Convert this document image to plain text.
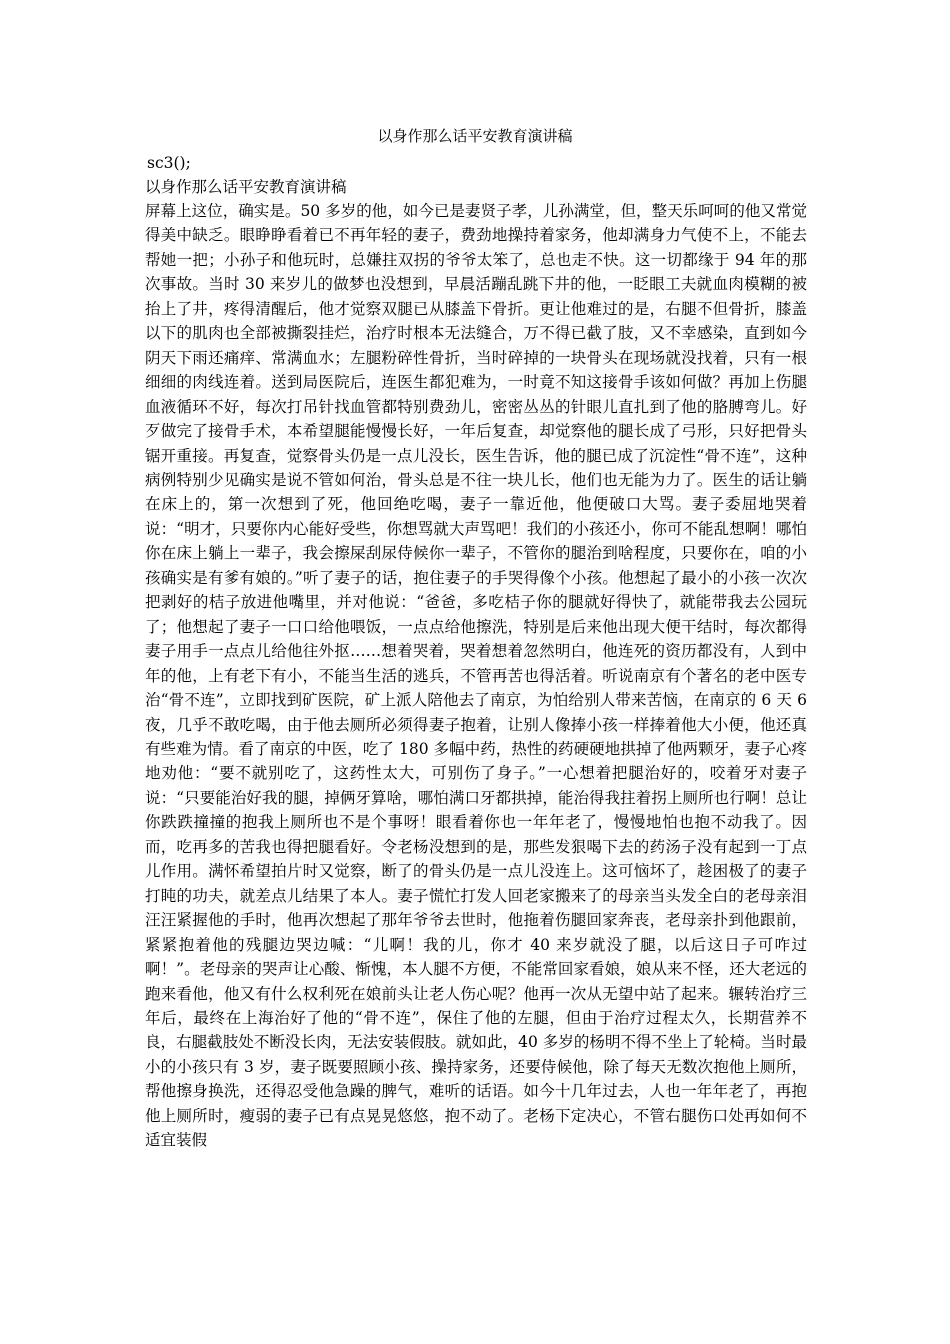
以身作那么话平安教育演讲稿
sc3();
以身作那么话平安教育演讲稿

屏幕上这位，确实是。50 多岁的他，如今已是妻贤子孝，儿孙满堂，但，整天乐呵呵的他又常觉得美中缺乏。眼睁睁看着已不再年轻的妻子，费劲地操持着家务，他却满身力气使不上，不能去帮她一把；小孙子和他玩时，总嫌拄双拐的爷爷太笨了，总也走不快。这一切都缘于 94 年的那次事故。当时 30 来岁儿的做梦也没想到，早晨活蹦乱跳下井的他，一眨眼工夫就血肉模糊的被抬上了井，疼得清醒后，他才觉察双腿已从膝盖下骨折。更让他难过的是，右腿不但骨折，膝盖以下的肌肉也全部被撕裂挂烂，治疗时根本无法缝合，万不得已截了肢，又不幸感染，直到如今阴天下雨还痛痒、常满血水；左腿粉碎性骨折，当时碎掉的一块骨头在现场就没找着，只有一根细细的肉线连着。送到局医院后，连医生都犯难为，一时竟不知这接骨手该如何做？再加上伤腿血液循环不好，每次打吊针找血管都特别费劲儿，密密丛丛的针眼儿直扎到了他的胳膊弯儿。好歹做完了接骨手术，本希望腿能慢慢长好，一年后复查，却觉察他的腿长成了弓形，只好把骨头锯开重接。再复查，觉察骨头仍是一点儿没长，医生告诉，他的腿已成了沉淀性“骨不连”，这种病例特别少见确实是说不管如何治，骨头总是不往一块儿长，他们也无能为力了。医生的话让躺在床上的，第一次想到了死，他回绝吃喝，妻子一靠近他，他便破口大骂。妻子委屈地哭着说：“明才，只要你内心能好受些，你想骂就大声骂吧！我们的小孩还小，你可不能乱想啊！哪怕你在床上躺上一辈子，我会擦屎刮尿侍候你一辈子，不管你的腿治到啥程度，只要你在，咱的小孩确实是有爹有娘的。”听了妻子的话，抱住妻子的手哭得像个小孩。他想起了最小的小孩一次次把剥好的桔子放进他嘴里，并对他说：“爸爸，多吃桔子你的腿就好得快了，就能带我去公园玩了；他想起了妻子一口口给他喂饭，一点点给他擦洗，特别是后来他出现大便干结时，每次都得妻子用手一点点儿给他往外抠……想着哭着，哭着想着忽然明白，他连死的资历都没有，人到中年的他，上有老下有小，不能当生活的逃兵，不管再苦也得活着。听说南京有个著名的老中医专治“骨不连”，立即找到矿医院，矿上派人陪他去了南京，为怕给别人带来苦恼，在南京的 6 天 6 夜，几乎不敢吃喝，由于他去厕所必须得妻子抱着，让别人像捧小孩一样捧着他大小便，他还真有些难为情。看了南京的中医，吃了 180 多幅中药，热性的药硬硬地拱掉了他两颗牙，妻子心疼地劝他：“要不就别吃了，这药性太大，可别伤了身子。”一心想着把腿治好的，咬着牙对妻子说：“只要能治好我的腿，掉俩牙算啥，哪怕满口牙都拱掉，能治得我拄着拐上厕所也行啊！总让你跌跌撞撞的抱我上厕所也不是个事呀！眼看着你也一年年老了，慢慢地怕也抱不动我了。因而，吃再多的苦我也得把腿看好。令老杨没想到的是，那些发狠喝下去的药汤子没有起到一丁点儿作用。满怀希望拍片时又觉察，断了的骨头仍是一点儿没连上。这可恼坏了，趁困极了的妻子打盹的功夫，就差点儿结果了本人。妻子慌忙打发人回老家搬来了的母亲当头发全白的老母亲泪汪汪紧握他的手时，他再次想起了那年爷爷去世时，他拖着伤腿回家奔丧，老母亲扑到他跟前，紧紧抱着他的残腿边哭边喊：“儿啊！我的儿，你才 40 来岁就没了腿，以后这日子可咋过啊！”。老母亲的哭声让心酸、惭愧，本人腿不方便，不能常回家看娘，娘从来不怪，还大老远的跑来看他，他又有什么权利死在娘前头让老人伤心呢？他再一次从无望中站了起来。辗转治疗三年后，最终在上海治好了他的“骨不连”，保住了他的左腿，但由于治疗过程太久，长期营养不良，右腿截肢处不断没长肉，无法安装假肢。就如此，40 多岁的杨明不得不坐上了轮椅。当时最小的小孩只有 3 岁，妻子既要照顾小孩、操持家务，还要侍候他，除了每天无数次抱他上厕所，帮他擦身换洗，还得忍受他急躁的脾气，难听的话语。如今十几年过去，人也一年年老了，再抱他上厕所时，瘦弱的妻子已有点晃晃悠悠，抱不动了。老杨下定决心，不管右腿伤口处再如何不适宜装假
